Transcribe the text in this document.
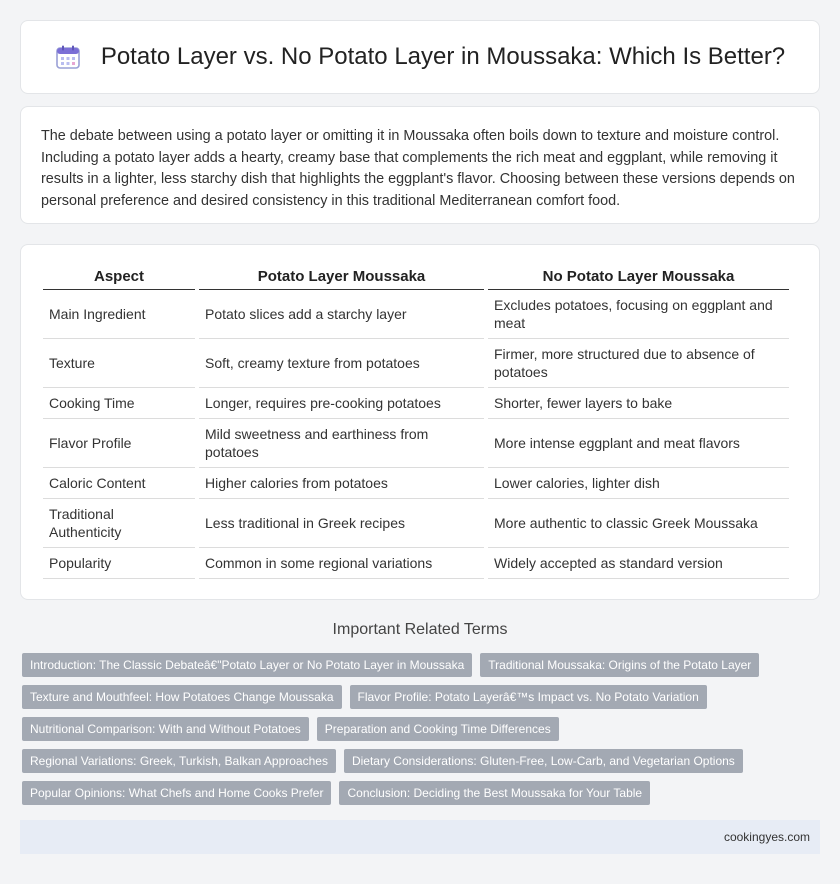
Potato Layer vs. No Potato Layer in Moussaka: Which Is Better?

The debate between using a potato layer or omitting it in Moussaka often boils down to texture and moisture control. Including a potato layer adds a hearty, creamy base that complements the rich meat and eggplant, while removing it results in a lighter, less starchy dish that highlights the eggplant's flavor. Choosing between these versions depends on personal preference and desired consistency in this traditional Mediterranean comfort food.

Aspect	Potato Layer Moussaka	No Potato Layer Moussaka
Main Ingredient	Potato slices add a starchy layer	Excludes potatoes, focusing on eggplant and meat
Texture	Soft, creamy texture from potatoes	Firmer, more structured due to absence of potatoes
Cooking Time	Longer, requires pre-cooking potatoes	Shorter, fewer layers to bake
Flavor Profile	Mild sweetness and earthiness from potatoes	More intense eggplant and meat flavors
Caloric Content	Higher calories from potatoes	Lower calories, lighter dish
Traditional Authenticity	Less traditional in Greek recipes	More authentic to classic Greek Moussaka
Popularity	Common in some regional variations	Widely accepted as standard version
Important Related Terms
Introduction: The Classic Debateâ€"Potato Layer or No Potato Layer in Moussaka	Traditional Moussaka: Origins of the Potato Layer
Texture and Mouthfeel: How Potatoes Change Moussaka	Flavor Profile: Potato Layerâ€™s Impact vs. No Potato Variation
Nutritional Comparison: With and Without Potatoes	Preparation and Cooking Time Differences
Regional Variations: Greek, Turkish, Balkan Approaches	Dietary Considerations: Gluten-Free, Low-Carb, and Vegetarian Options
Popular Opinions: What Chefs and Home Cooks Prefer	Conclusion: Deciding the Best Moussaka for Your Table
cookingyes.com
